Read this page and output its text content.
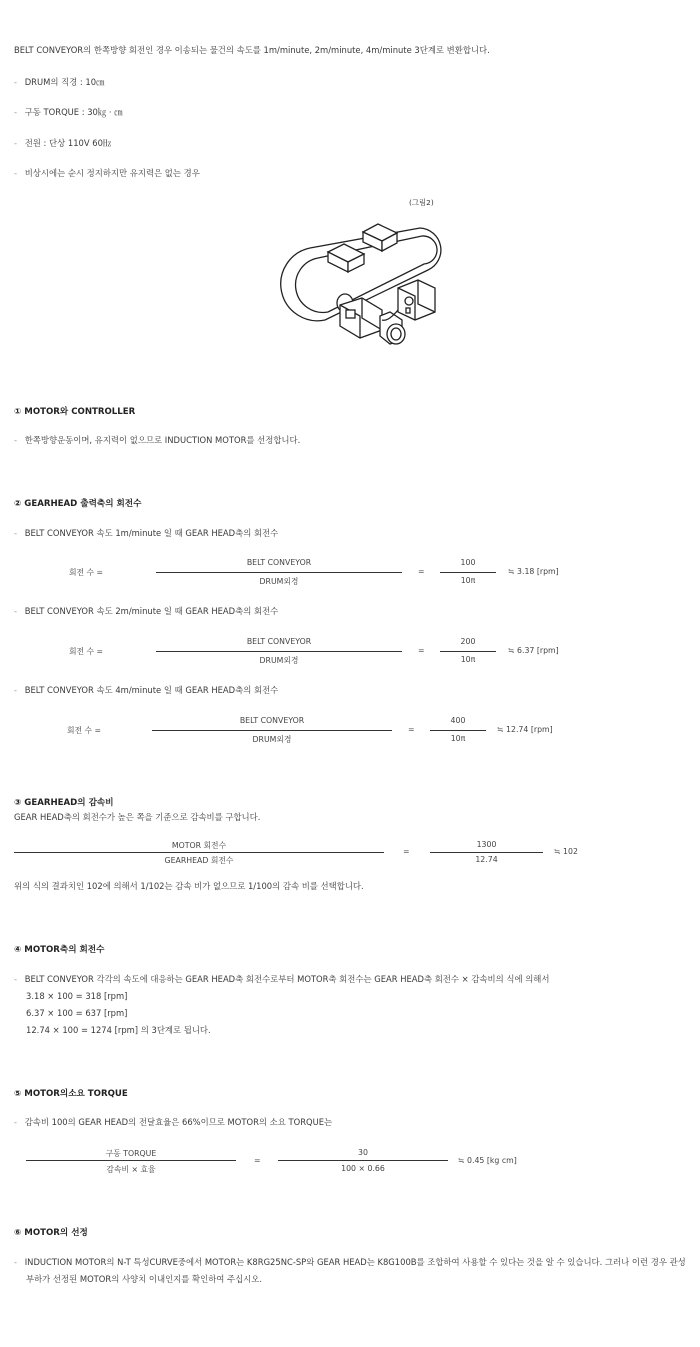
BELT CONVEYOR의 한쪽방향 회전인 경우 이송되는 물건의 속도를 1m/minute, 2m/minute, 4m/minute 3단계로 변환합니다.
- DRUM의 직경 : 10㎝
- 구동 TORQUE : 30㎏ · ㎝
- 전원 : 단상 110V 60㎐
- 비상시에는 순시 정지하지만 유지력은 없는 경우
(그림2)
① MOTOR와 CONTROLLER
- 한쪽방향운동이며, 유지력이 없으므로 INDUCTION MOTOR를 선정합니다.
② GEARHEAD 출력축의 회전수
- BELT CONVEYOR 속도 1m/minute 일 때 GEAR HEAD축의 회전수
회전 수 =
BELT CONVEYOR
DRUM외경
=
100
10π
≒ 3.18 [rpm]
- BELT CONVEYOR 속도 2m/minute 일 때 GEAR HEAD축의 회전수
회전 수 =
BELT CONVEYOR
DRUM외경
=
200
10π
≒ 6.37 [rpm]
- BELT CONVEYOR 속도 4m/minute 일 때 GEAR HEAD축의 회전수
회전 수 =
BELT CONVEYOR
DRUM외경
=
400
10π
≒ 12.74 [rpm]
③ GEARHEAD의 감속비
GEAR HEAD축의 회전수가 높은 쪽을 기준으로 감속비를 구합니다.
MOTOR 회전수
GEARHEAD 회전수
=
1300
12.74
≒ 102
위의 식의 결과치인 102에 의해서 1/102는 감속 비가 없으므로 1/100의 감속 비를 선택합니다.
④ MOTOR축의 회전수
- BELT CONVEYOR 각각의 속도에 대응하는 GEAR HEAD축 회전수로부터 MOTOR축 회전수는 GEAR HEAD축 회전수 × 감속비의 식에 의해서
3.18 × 100 = 318 [rpm]
6.37 × 100 = 637 [rpm]
12.74 × 100 = 1274 [rpm] 의 3단계로 됩니다.
⑤ MOTOR의소요 TORQUE
- 감속비 100의 GEAR HEAD의 전달효율은 66%이므로 MOTOR의 소요 TORQUE는
구동 TORQUE
감속비 × 효율
=
30
100 × 0.66
≒ 0.45 [kg cm]
⑥ MOTOR의 선정
- INDUCTION MOTOR의 N-T 특성CURVE중에서 MOTOR는 K8RG25NC-SP와 GEAR HEAD는 K8G100B를 조합하여 사용할 수 있다는 것을 알 수 있습니다. 그러나 이런 경우 관성
부하가 선정된 MOTOR의 사양치 이내인지를 확인하여 주십시오.
